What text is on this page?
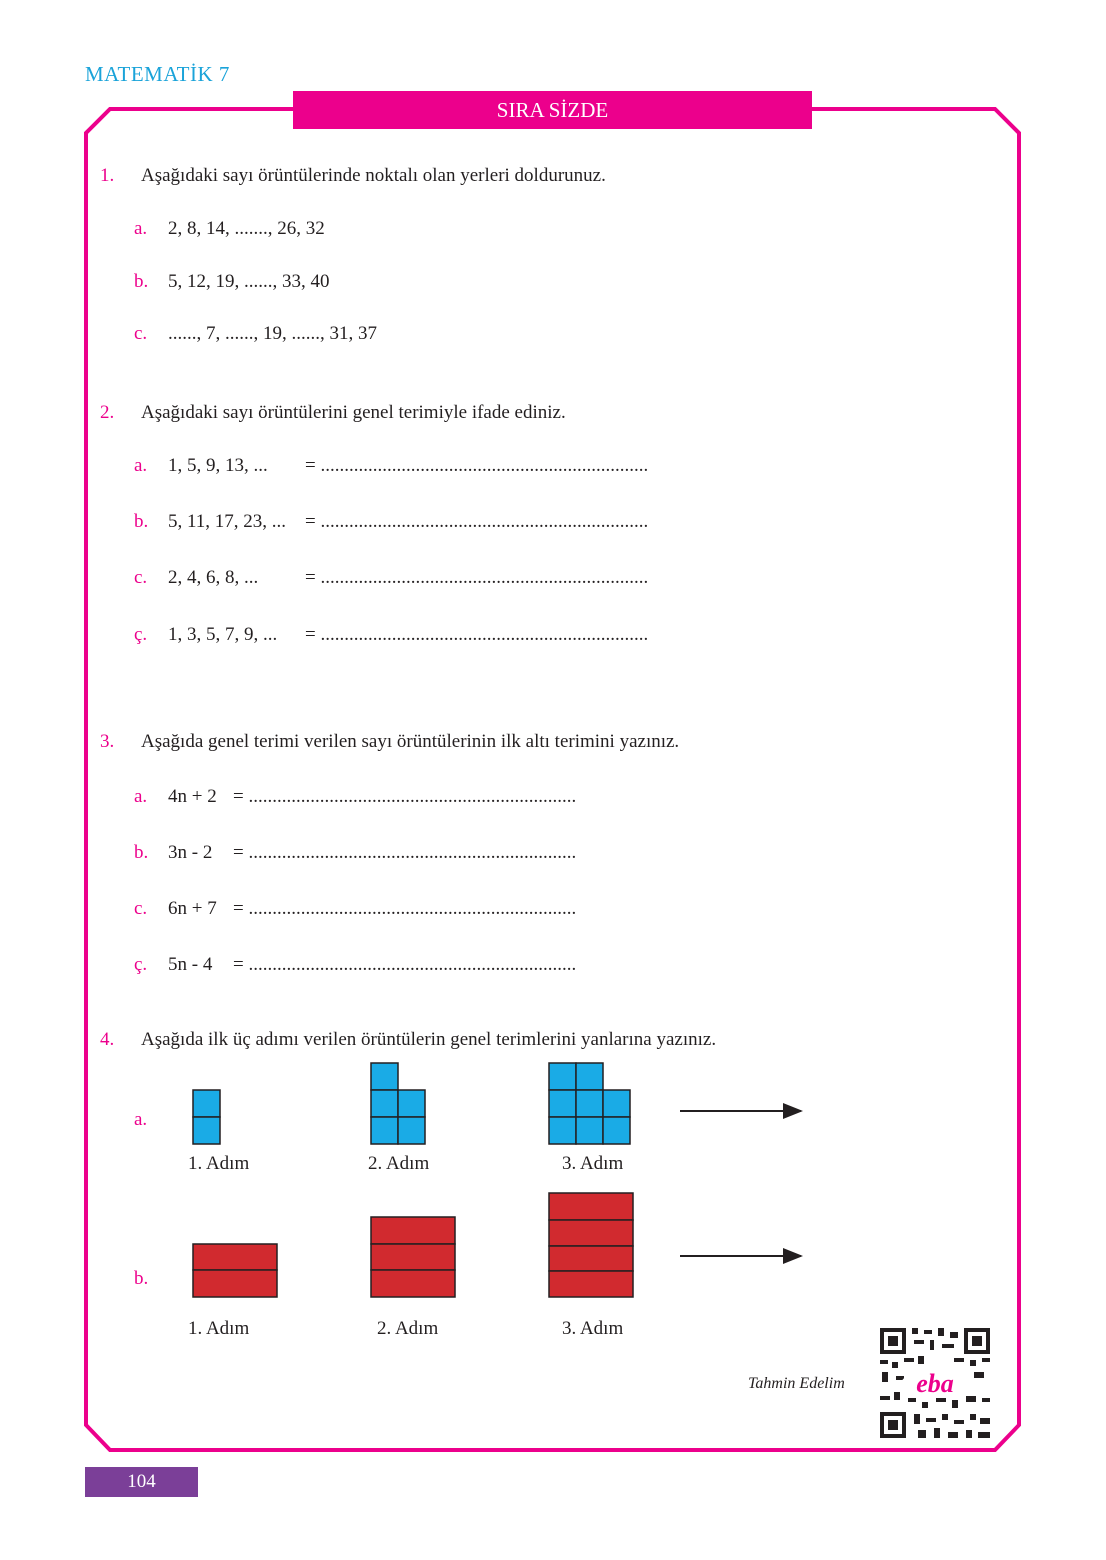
MATEMATİK 7
SIRA SİZDE
1. Aşağıdaki sayı örüntülerinde noktalı olan yerleri doldurunuz.
a. 2, 8, 14, ......., 26, 32
b. 5, 12, 19, ......, 33, 40
c. ......, 7, ......, 19, ......, 31, 37
2. Aşağıdaki sayı örüntülerini genel terimiyle ifade ediniz.
a. 1, 5, 9, 13, ... = .....................................................................
b. 5, 11, 17, 23, ... = .....................................................................
c. 2, 4, 6, 8, ... = .....................................................................
ç. 1, 3, 5, 7, 9, ... = .....................................................................
3. Aşağıda genel terimi verilen sayı örüntülerinin ilk altı terimini yazınız.
a. 4n + 2 = .....................................................................
b. 3n - 2 = .....................................................................
c. 6n + 7 = .....................................................................
ç. 5n - 4 = .....................................................................
4. Aşağıda ilk üç adımı verilen örüntülerin genel terimlerini yanlarına yazınız.
a.
b.
1. Adım	2. Adım	3. Adım
1. Adım	2. Adım	3. Adım
Tahmin Edelim	eba
104
